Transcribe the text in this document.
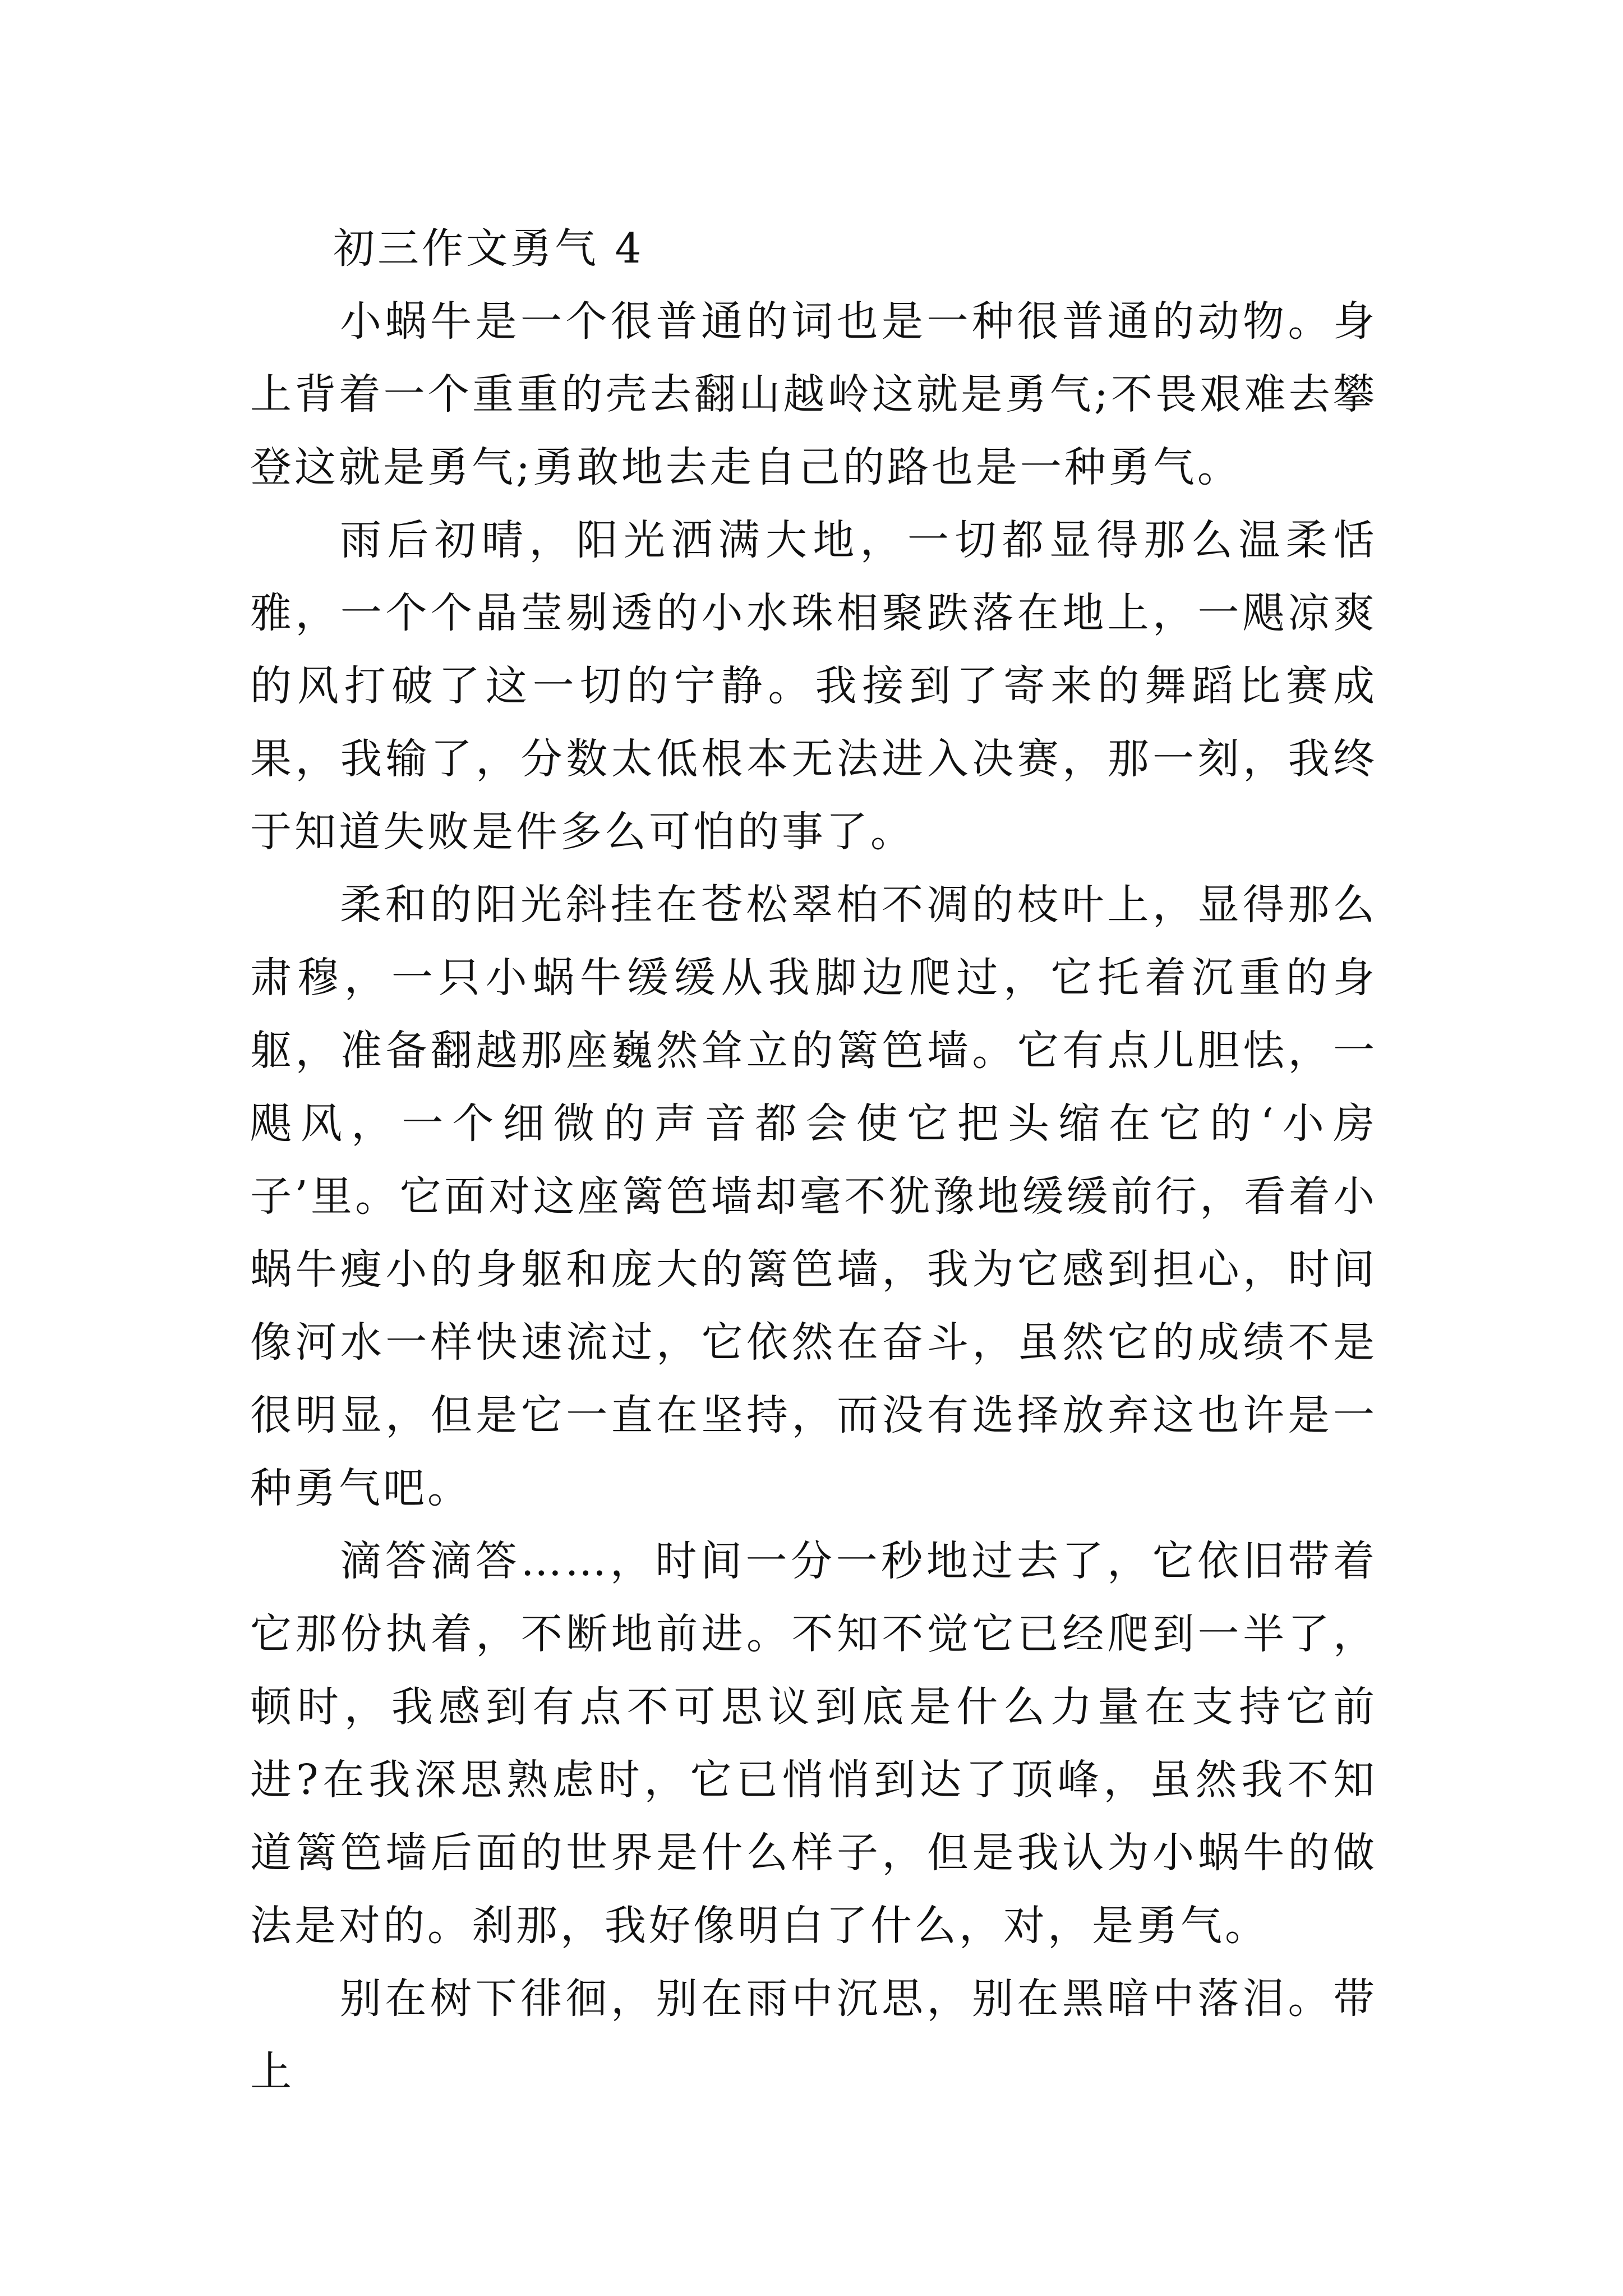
初三作文勇气 4

小蜗牛是一个很普通的词也是一种很普通的动物。身上背着一个重重的壳去翻山越岭这就是勇气;不畏艰难去攀登这就是勇气;勇敢地去走自己的路也是一种勇气。

雨后初晴，阳光洒满大地，一切都显得那么温柔恬雅，一个个晶莹剔透的小水珠相聚跌落在地上，一飓凉爽的风打破了这一切的宁静。我接到了寄来的舞蹈比赛成果，我输了，分数太低根本无法进入决赛，那一刻，我终于知道失败是件多么可怕的事了。

柔和的阳光斜挂在苍松翠柏不凋的枝叶上，显得那么肃穆，一只小蜗牛缓缓从我脚边爬过，它托着沉重的身躯，准备翻越那座巍然耸立的篱笆墙。它有点儿胆怯，一飓风，一个细微的声音都会使它把头缩在它的‘小房子’里。它面对这座篱笆墙却毫不犹豫地缓缓前行，看着小蜗牛瘦小的身躯和庞大的篱笆墙，我为它感到担心，时间像河水一样快速流过，它依然在奋斗，虽然它的成绩不是很明显，但是它一直在坚持，而没有选择放弃这也许是一种勇气吧。

滴答滴答……，时间一分一秒地过去了，它依旧带着它那份执着，不断地前进。不知不觉它已经爬到一半了，顿时，我感到有点不可思议到底是什么力量在支持它前进?在我深思熟虑时，它已悄悄到达了顶峰，虽然我不知道篱笆墙后面的世界是什么样子，但是我认为小蜗牛的做法是对的。刹那，我好像明白了什么，对，是勇气。

别在树下徘徊，别在雨中沉思，别在黑暗中落泪。带上
